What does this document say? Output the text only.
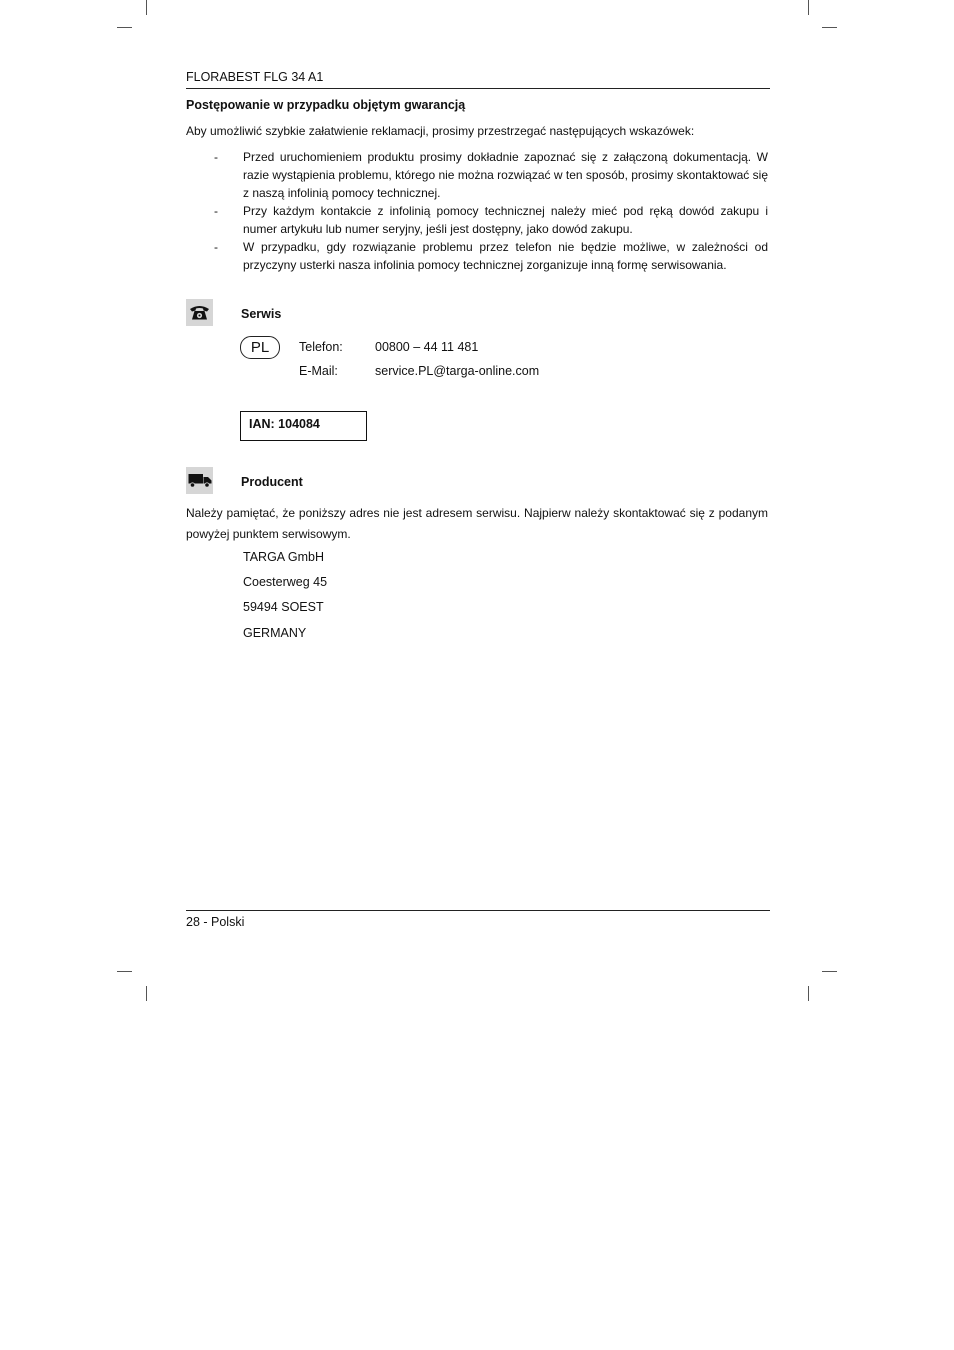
FLORABEST FLG 34 A1
Postępowanie w przypadku objętym gwarancją
Aby umożliwić szybkie załatwienie reklamacji, prosimy przestrzegać następujących wskazówek:
- Przed uruchomieniem produktu prosimy dokładnie zapoznać się z załączoną dokumentacją. W razie wystąpienia problemu, którego nie można rozwiązać w ten sposób, prosimy skontaktować się z naszą infolinią pomocy technicznej.
- Przy każdym kontakcie z infolinią pomocy technicznej należy mieć pod ręką dowód zakupu i numer artykułu lub numer seryjny, jeśli jest dostępny, jako dowód zakupu.
- W przypadku, gdy rozwiązanie problemu przez telefon nie będzie możliwe, w zależności od przyczyny usterki nasza infolinia pomocy technicznej zorganizuje inną formę serwisowania.
Serwis
PL	Telefon:	00800 – 44 11 481
E-Mail:	service.PL@targa-online.com
IAN: 104084
Producent
Należy pamiętać, że poniższy adres nie jest adresem serwisu. Najpierw należy skontaktować się z podanym powyżej punktem serwisowym.
TARGA GmbH
Coesterweg 45
59494 SOEST
GERMANY
28 - Polski
